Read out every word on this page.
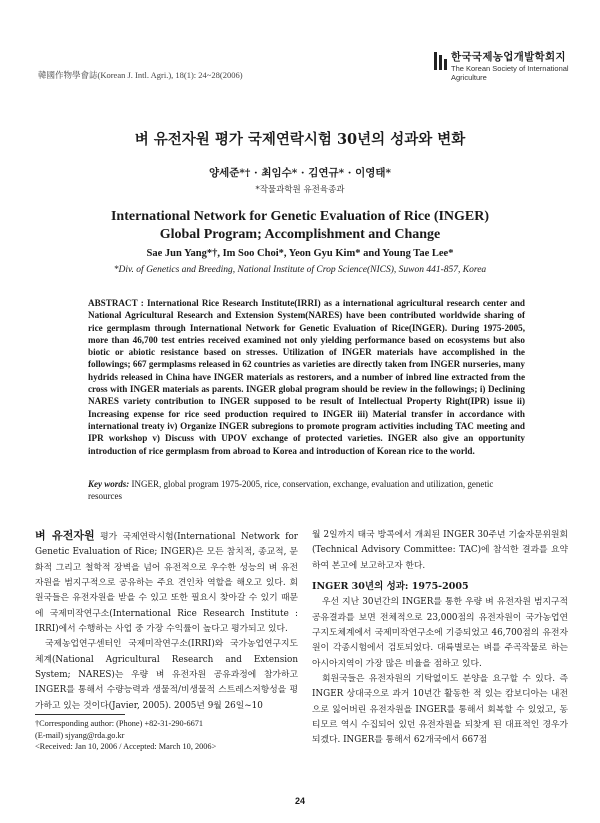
韓國作物學會誌(Korean J. Intl. Agri.), 18(1): 24~28(2006)
한국국제농업개발학회지
The Korean Society of International Agriculture
벼 유전자원 평가 국제연락시험 30년의 성과와 변화
양세준*† · 최임수* · 김연규* · 이영태*
*작물과학원 유전육종과
International Network for Genetic Evaluation of Rice (INGER)
Global Program; Accomplishment and Change
Sae Jun Yang*†, Im Soo Choi*, Yeon Gyu Kim* and Young Tae Lee*
*Div. of Genetics and Breeding, National Institute of Crop Science(NICS), Suwon 441-857, Korea
ABSTRACT : International Rice Research Institute(IRRI) as a international agricultural research center and National Agricultural Research and Extension System(NARES) have been contributed worldwide sharing of rice germplasm through International Network for Genetic Evaluation of Rice(INGER). During 1975-2005, more than 46,700 test entries received examined not only yielding performance based on ecosystems but also biotic or abiotic resistance based on stresses. Utilization of INGER materials have accomplished in the followings; 667 germplasms released in 62 countries as varieties are directly taken from INGER nurseries, many hydrids released in China have INGER materials as restorers, and a number of inbred line extracted from the cross with INGER materials as parents. INGER global program should be review in the followings; i) Declining NARES variety contribution to INGER supposed to be result of Intellectual Property Right(IPR) issue ii) Increasing expense for rice seed production required to INGER iii) Material transfer in accordance with international treaty iv) Organize INGER subregions to promote program activities including TAC meeting and IPR workshop v) Discuss with UPOV exchange of protected varieties. INGER also give an opportunity introduction of rice germplasm from abroad to Korea and introduction of Korean rice to the world.
Key words: INGER, global program 1975-2005, rice, conservation, exchange, evaluation and utilization, genetic resources
벼 유전자원 평가 국제연락시험(International Network for Genetic Evaluation of Rice; INGER)은 모든 참치적, 종교적, 문화적 그리고 철학적 장벽을 넘어 유전적으로 우수한 성능의 벼 유전자원을 범지구적으로 공유하는 주요 견인차 역할을 해오고 있다. 회원국들은 유전자원을 받을 수 있고 또한 필요시 찾아갈 수 있기 때문에 국제미작연구소(International Rice Research Institute : IRRI)에서 수행하는 사업 중 가장 수익률이 높다고 평가되고 있다.
국제농업연구센터인 국제미작연구소(IRRI)와 국가농업연구지도체계(National Agricultural Research and Extension System; NARES)는 우량 벼 유전자원 공유과정에 참가하고 INGER를 통해서 수량능력과 생물적/비생물적 스트레스저항성을 평가하고 있는 것이다(Javier, 2005). 2005년 9월 26일~10
†Corresponding author: (Phone) +82-31-290-6671
(E-mail) sjyang@rda.go.kr
<Received: Jan 10, 2006 / Accepted: March 10, 2006>
월 2일까지 태국 방콕에서 개최된 INGER 30주년 기술자문위원회(Technical Advisory Committee: TAC)에 참석한 결과를 요약하여 본고에 보고하고자 한다.
INGER 30년의 성과: 1975-2005
우선 지난 30년간의 INGER를 통한 우량 벼 유전자원 범지구적 공유결과를 보면 전체적으로 23,000점의 유전자원이 국가농업연구지도체계에서 국제미작연구소에 기증되었고 46,700점의 유전자원이 각종시험에서 검토되었다. 대륙별로는 벼를 주곡작물로 하는 아시아지역이 가장 많은 비율을 점하고 있다.
회원국들은 유전자원의 기탁없이도 분양을 요구할 수 있다. 즉 INGER 상대국으로 과거 10년간 활동한 적 있는 캄보디아는 내전으로 잃어버린 유전자원을 INGER를 통해서 회복할 수 있었고, 동티모르 역시 수집되어 있던 유전자원을 되찾게 된 대표적인 경우가 되겠다. INGER를 통해서 62개국에서 667점
24
